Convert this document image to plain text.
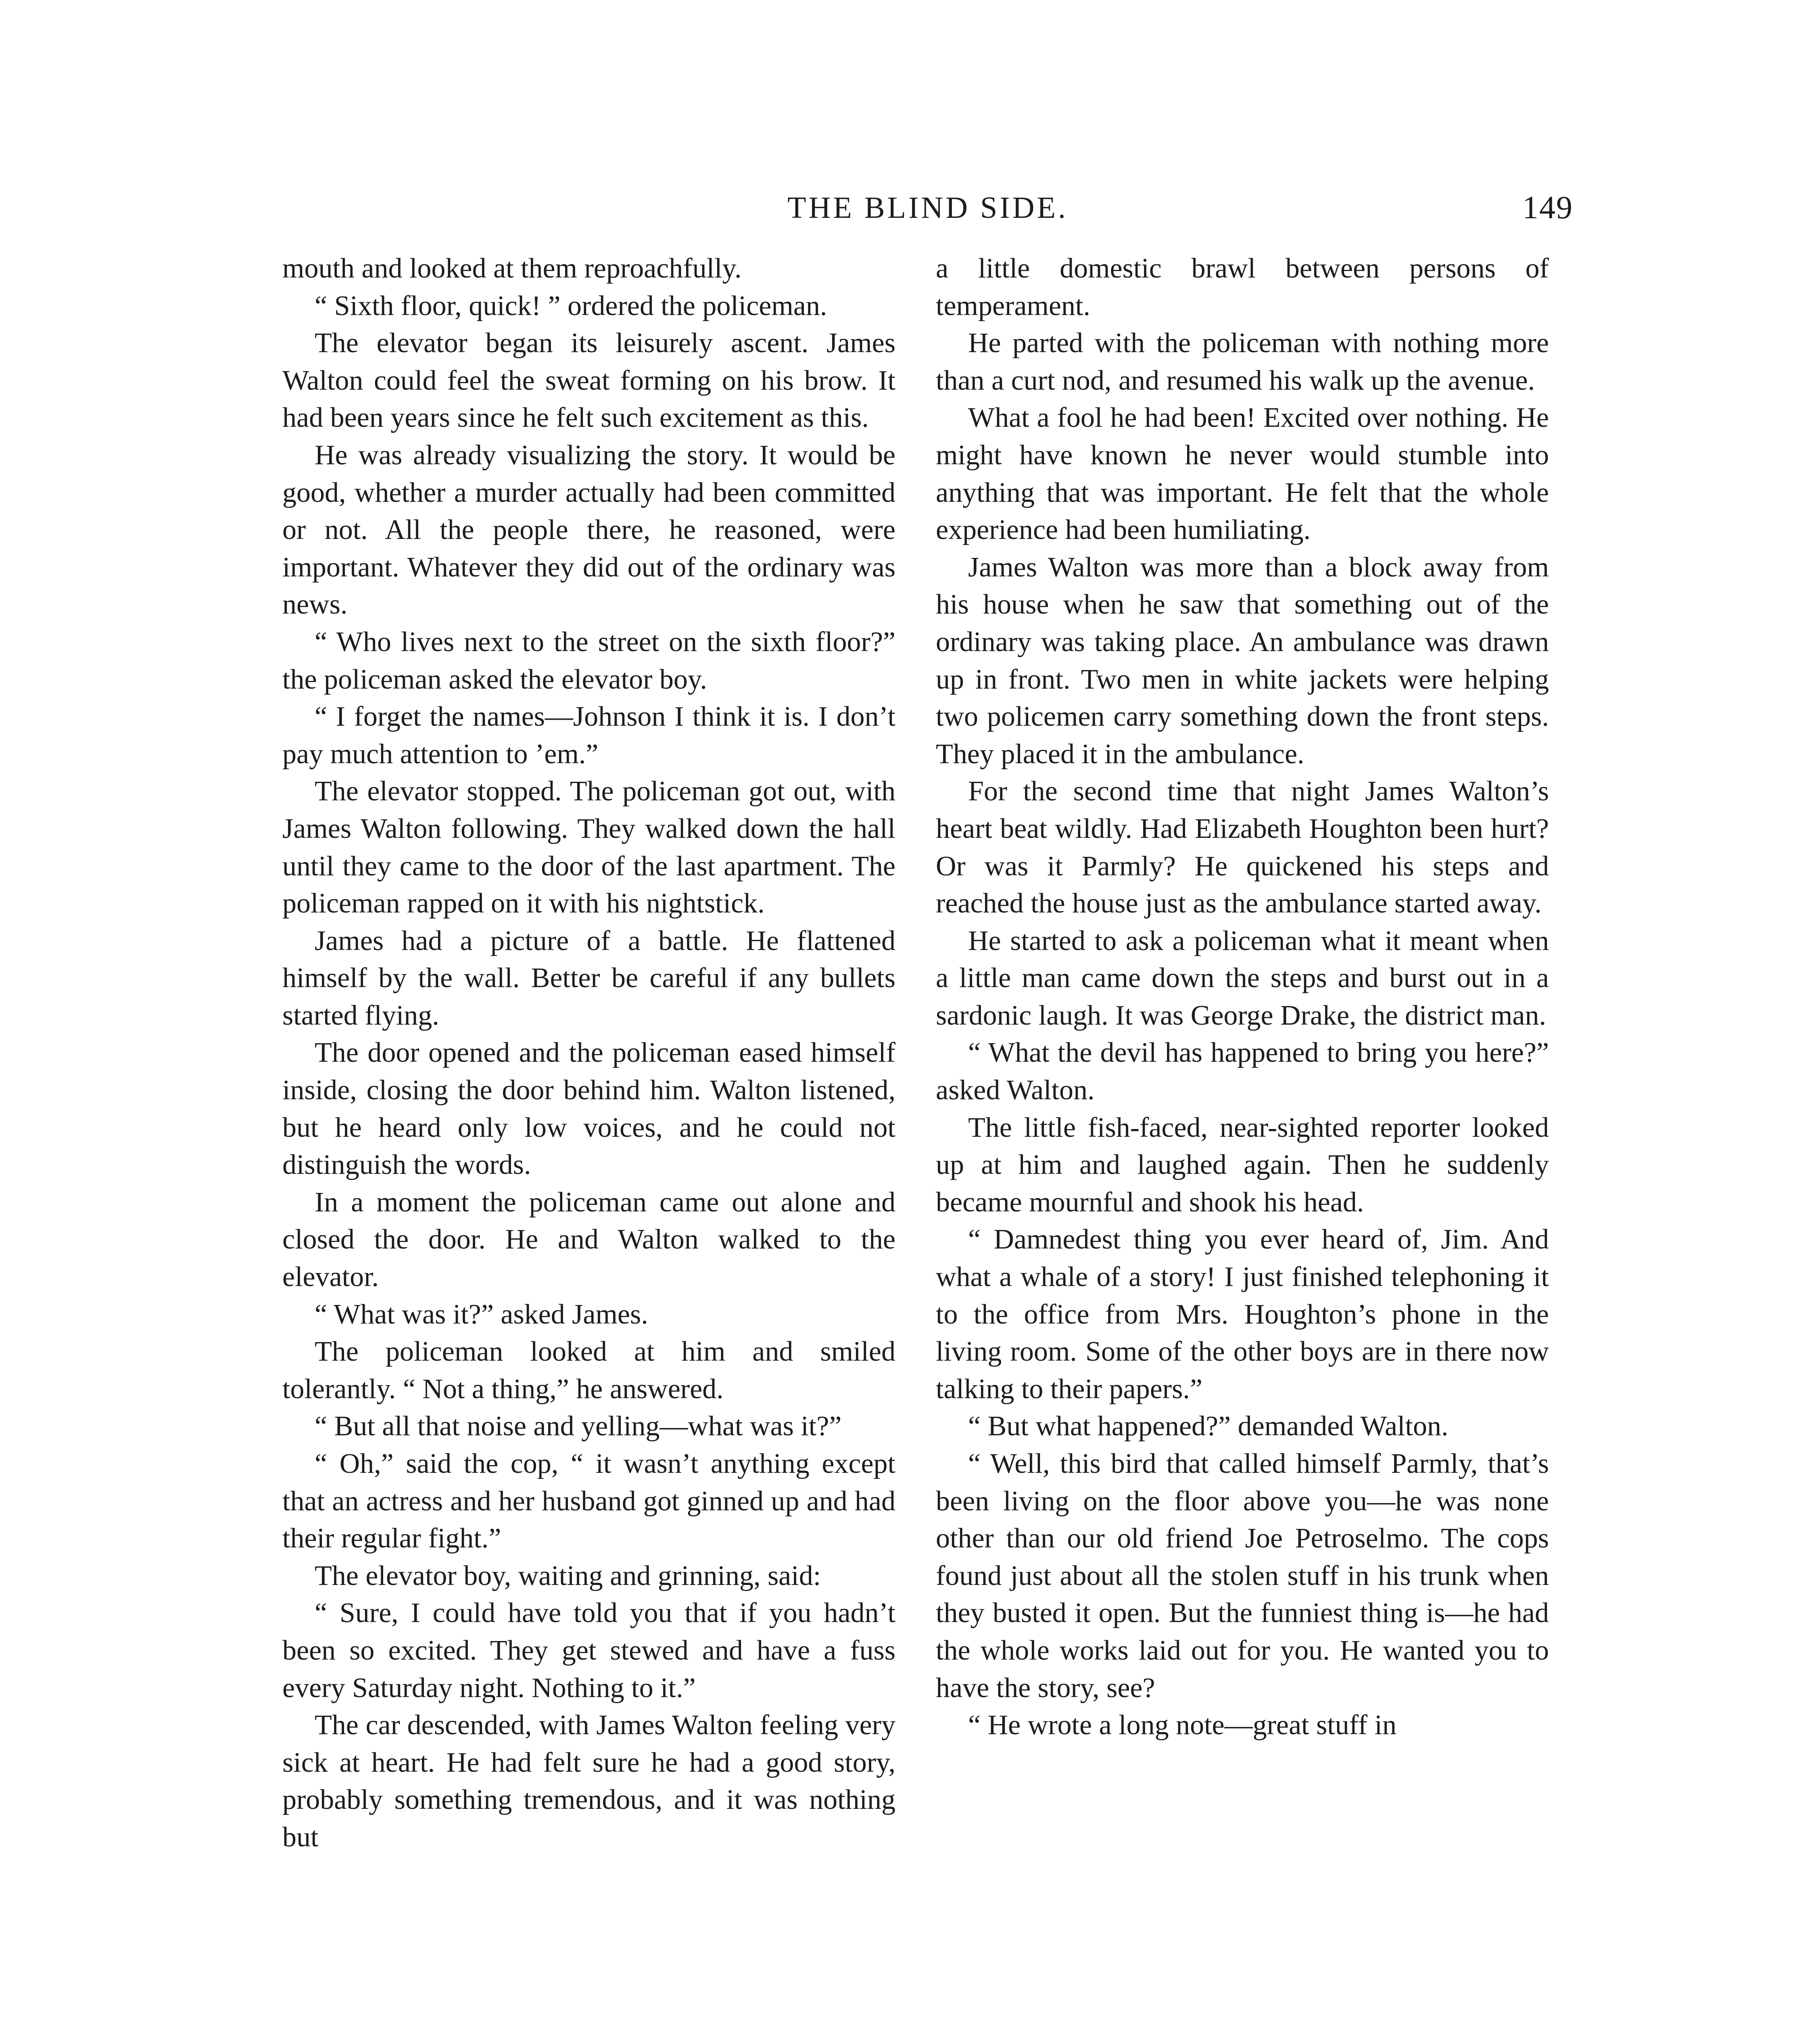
THE BLIND SIDE.	149

mouth and looked at them reproachfully.

“ Sixth floor, quick! ” ordered the policeman.

The elevator began its leisurely ascent. James Walton could feel the sweat forming on his brow. It had been years since he felt such excitement as this.

He was already visualizing the story. It would be good, whether a murder actually had been committed or not. All the people there, he reasoned, were important. Whatever they did out of the ordinary was news.

“ Who lives next to the street on the sixth floor?” the policeman asked the elevator boy.

“ I forget the names—Johnson I think it is. I don’t pay much attention to ’em.”

The elevator stopped. The policeman got out, with James Walton following. They walked down the hall until they came to the door of the last apartment. The policeman rapped on it with his nightstick.

James had a picture of a battle. He flattened himself by the wall. Better be careful if any bullets started flying.

The door opened and the policeman eased himself inside, closing the door behind him. Walton listened, but he heard only low voices, and he could not distinguish the words.

In a moment the policeman came out alone and closed the door. He and Walton walked to the elevator.

“ What was it?” asked James.

The policeman looked at him and smiled tolerantly. “ Not a thing,” he answered.

“ But all that noise and yelling—what was it?”

“ Oh,” said the cop, “ it wasn’t anything except that an actress and her husband got ginned up and had their regular fight.”

The elevator boy, waiting and grinning, said:

“ Sure, I could have told you that if you hadn’t been so excited. They get stewed and have a fuss every Saturday night. Nothing to it.”

The car descended, with James Walton feeling very sick at heart. He had felt sure he had a good story, probably something tremendous, and it was nothing but

a little domestic brawl between persons of temperament.

He parted with the policeman with nothing more than a curt nod, and resumed his walk up the avenue.

What a fool he had been! Excited over nothing. He might have known he never would stumble into anything that was important. He felt that the whole experience had been humiliating.

James Walton was more than a block away from his house when he saw that something out of the ordinary was taking place. An ambulance was drawn up in front. Two men in white jackets were helping two policemen carry something down the front steps. They placed it in the ambulance.

For the second time that night James Walton’s heart beat wildly. Had Elizabeth Houghton been hurt? Or was it Parmly? He quickened his steps and reached the house just as the ambulance started away.

He started to ask a policeman what it meant when a little man came down the steps and burst out in a sardonic laugh. It was George Drake, the district man.

“ What the devil has happened to bring you here?” asked Walton.

The little fish-faced, near-sighted reporter looked up at him and laughed again. Then he suddenly became mournful and shook his head.

“ Damnedest thing you ever heard of, Jim. And what a whale of a story! I just finished telephoning it to the office from Mrs. Houghton’s phone in the living room. Some of the other boys are in there now talking to their papers.”

“ But what happened?” demanded Walton.

“ Well, this bird that called himself Parmly, that’s been living on the floor above you—he was none other than our old friend Joe Petroselmo. The cops found just about all the stolen stuff in his trunk when they busted it open. But the funniest thing is—he had the whole works laid out for you. He wanted you to have the story, see?

“ He wrote a long note—great stuff in
